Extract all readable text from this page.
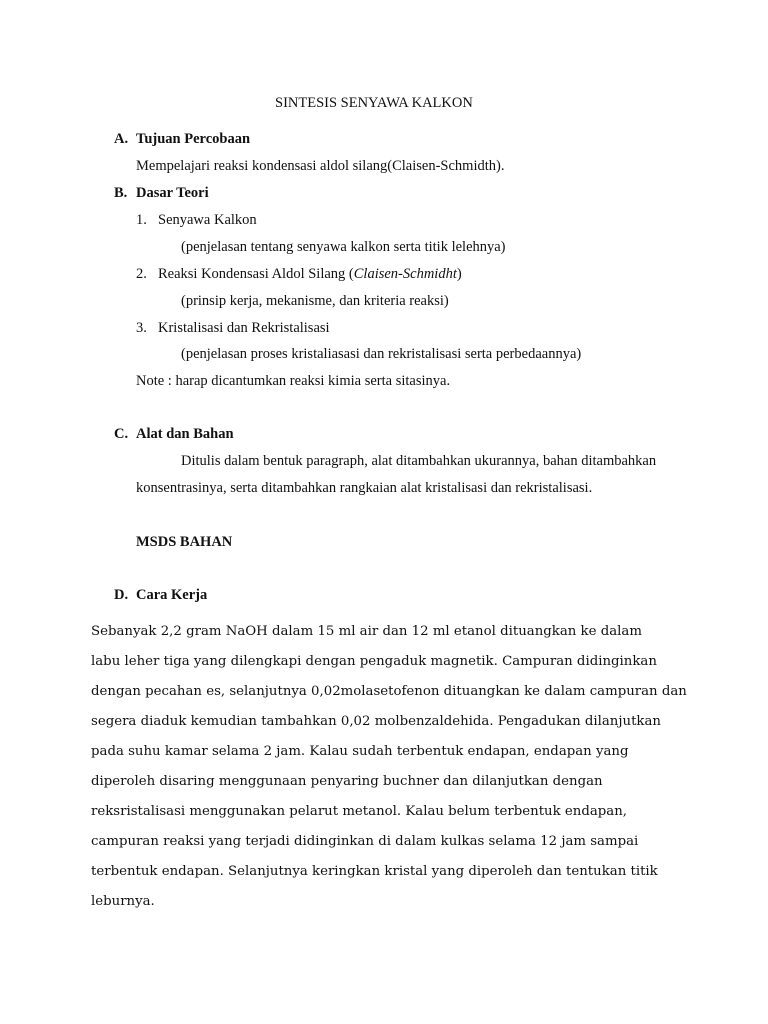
SINTESIS SENYAWA KALKON
A. Tujuan Percobaan
Mempelajari reaksi kondensasi aldol silang(Claisen-Schmidth).
B. Dasar Teori
1. Senyawa Kalkon
(penjelasan tentang senyawa kalkon serta titik lelehnya)
2. Reaksi Kondensasi Aldol Silang (Claisen-Schmidht)
(prinsip kerja, mekanisme, dan kriteria reaksi)
3. Kristalisasi dan Rekristalisasi
(penjelasan proses kristaliasasi dan rekristalisasi serta perbedaannya)
Note : harap dicantumkan reaksi kimia serta sitasinya.
C. Alat dan Bahan
Ditulis dalam bentuk paragraph, alat ditambahkan ukurannya, bahan ditambahkan
konsentrasinya, serta ditambahkan rangkaian alat kristalisasi dan rekristalisasi.
MSDS BAHAN
D. Cara Kerja
Sebanyak 2,2 gram NaOH dalam 15 ml air dan 12 ml etanol dituangkan ke dalam
labu leher tiga yang dilengkapi dengan pengaduk magnetik. Campuran didinginkan
dengan pecahan es, selanjutnya 0,02molasetofenon dituangkan ke dalam campuran dan
segera diaduk kemudian tambahkan 0,02 molbenzaldehida. Pengadukan dilanjutkan
pada suhu kamar selama 2 jam. Kalau sudah terbentuk endapan, endapan yang
diperoleh disaring menggunaan penyaring buchner dan dilanjutkan dengan
reksristalisasi menggunakan pelarut metanol. Kalau belum terbentuk endapan,
campuran reaksi yang terjadi didinginkan di dalam kulkas selama 12 jam sampai
terbentuk endapan. Selanjutnya keringkan kristal yang diperoleh dan tentukan titik
leburnya.
